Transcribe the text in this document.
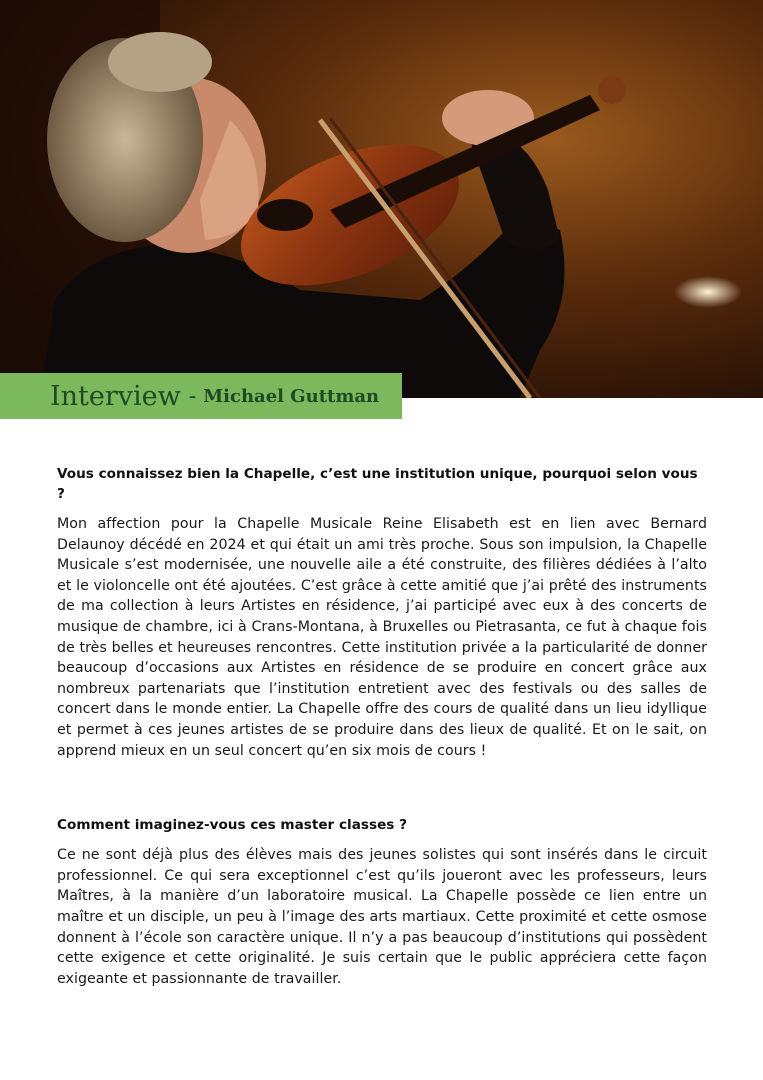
Interview - Michael Guttman

Vous connaissez bien la Chapelle, c’est une institution unique, pourquoi selon vous ?

Mon affection pour la Chapelle Musicale Reine Elisabeth est en lien avec Bernard Delaunoy décédé en 2024 et qui était un ami très proche. Sous son impulsion, la Chapelle Musicale s’est modernisée, une nouvelle aile a été construite, des filières dédiées à l’alto et le violoncelle ont été ajoutées. C’est grâce à cette amitié que j’ai prêté des instruments de ma collection à leurs Artistes en résidence, j’ai participé avec eux à des concerts de musique de chambre, ici à Crans-Montana, à Bruxelles ou Pietrasanta, ce fut à chaque fois de très belles et heureuses rencontres. Cette institution privée a la particularité de donner beaucoup d’occasions aux Artistes en résidence de se produire en concert grâce aux nombreux partenariats que l’institution entretient avec des festivals ou des salles de concert dans le monde entier. La Chapelle offre des cours de qualité dans un lieu idyllique et permet à ces jeunes artistes de se produire dans des lieux de qualité. Et on le sait, on apprend mieux en un seul concert qu’en six mois de cours !

Comment imaginez-vous ces master classes ?

Ce ne sont déjà plus des élèves mais des jeunes solistes qui sont insérés dans le circuit professionnel. Ce qui sera exceptionnel c’est qu’ils joueront avec les professeurs, leurs Maîtres, à la manière d’un laboratoire musical. La Chapelle possède ce lien entre un maître et un disciple, un peu à l’image des arts martiaux. Cette proximité et cette osmose donnent à l’école son caractère unique. Il n’y a pas beaucoup d’institutions qui possèdent cette exigence et cette originalité. Je suis certain que le public appréciera cette façon exigeante et passionnante de travailler.
